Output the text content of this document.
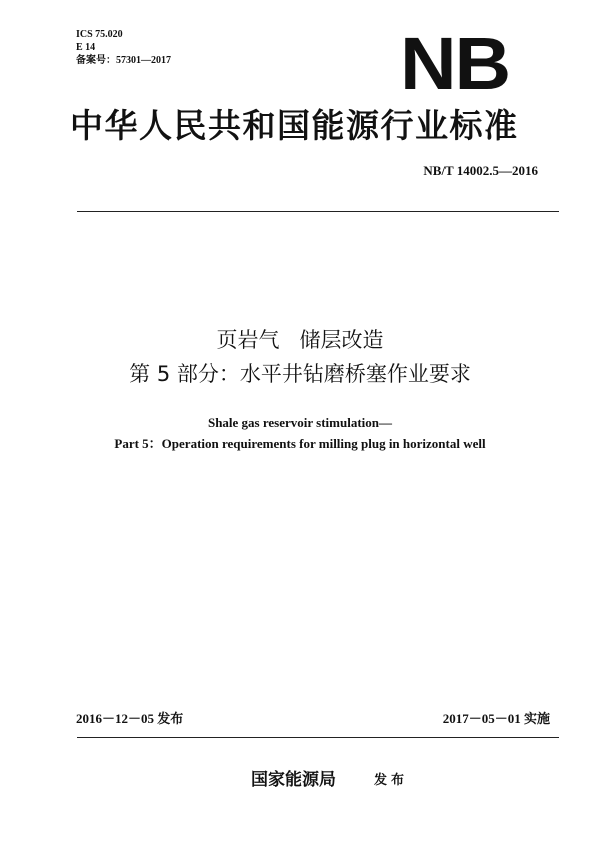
ICS 75.020
E 14
备案号：57301—2017	NB
中华人民共和国能源行业标准
NB/T 14002.5—2016
页岩气   储层改造
第 5 部分：水平井钻磨桥塞作业要求
Shale gas reservoir stimulation—
Part 5：Operation requirements for milling plug in horizontal well
2016－12－05 发布	2017－05－01 实施
国家能源局	发布
